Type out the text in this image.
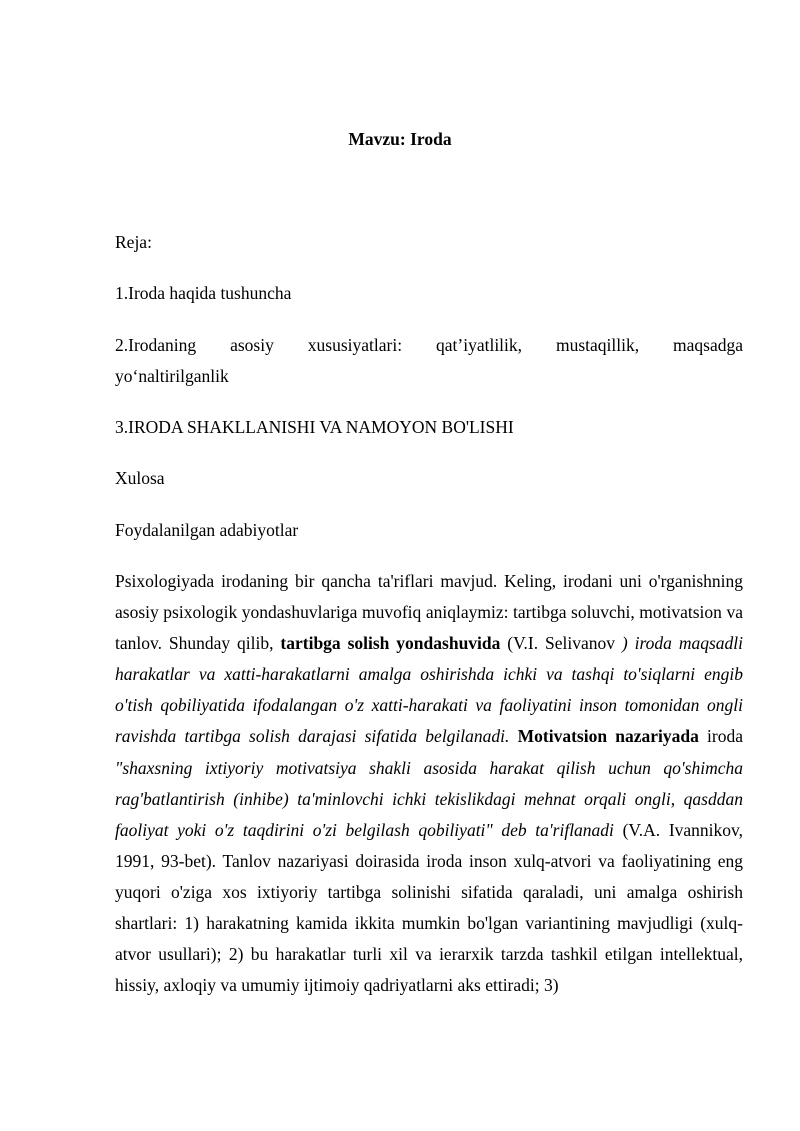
Mavzu: Iroda
Reja:
1.Iroda haqida tushuncha
2.Irodaning asosiy xususiyatlari: qat’iyatlilik, mustaqillik, maqsadga
yo‘naltirilganlik
3.IRODA SHAKLLANISHI VA NAMOYON BO'LISHI
Xulosa
Foydalanilgan adabiyotlar
Psixologiyada irodaning bir qancha ta'riflari mavjud. Keling, irodani uni o'rganishning asosiy psixologik yondashuvlariga muvofiq aniqlaymiz: tartibga soluvchi, motivatsion va tanlov. Shunday qilib, tartibga solish yondashuvida (V.I. Selivanov ) iroda maqsadli harakatlar va xatti-harakatlarni amalga oshirishda ichki va tashqi to'siqlarni engib o'tish qobiliyatida ifodalangan o'z xatti-harakati va faoliyatini inson tomonidan ongli ravishda tartibga solish darajasi sifatida belgilanadi. Motivatsion nazariyada iroda "shaxsning ixtiyoriy motivatsiya shakli asosida harakat qilish uchun qo'shimcha rag'batlantirish (inhibe) ta'minlovchi ichki tekislikdagi mehnat orqali ongli, qasddan faoliyat yoki o'z taqdirini o'zi belgilash qobiliyati" deb ta'riflanadi (V.A. Ivannikov, 1991, 93-bet). Tanlov nazariyasi doirasida iroda inson xulq-atvori va faoliyatining eng yuqori o'ziga xos ixtiyoriy tartibga solinishi sifatida qaraladi, uni amalga oshirish shartlari: 1) harakatning kamida ikkita mumkin bo'lgan variantining mavjudligi (xulq-atvor usullari); 2) bu harakatlar turli xil va ierarxik tarzda tashkil etilgan intellektual, hissiy, axloqiy va umumiy ijtimoiy qadriyatlarni aks ettiradi; 3)
